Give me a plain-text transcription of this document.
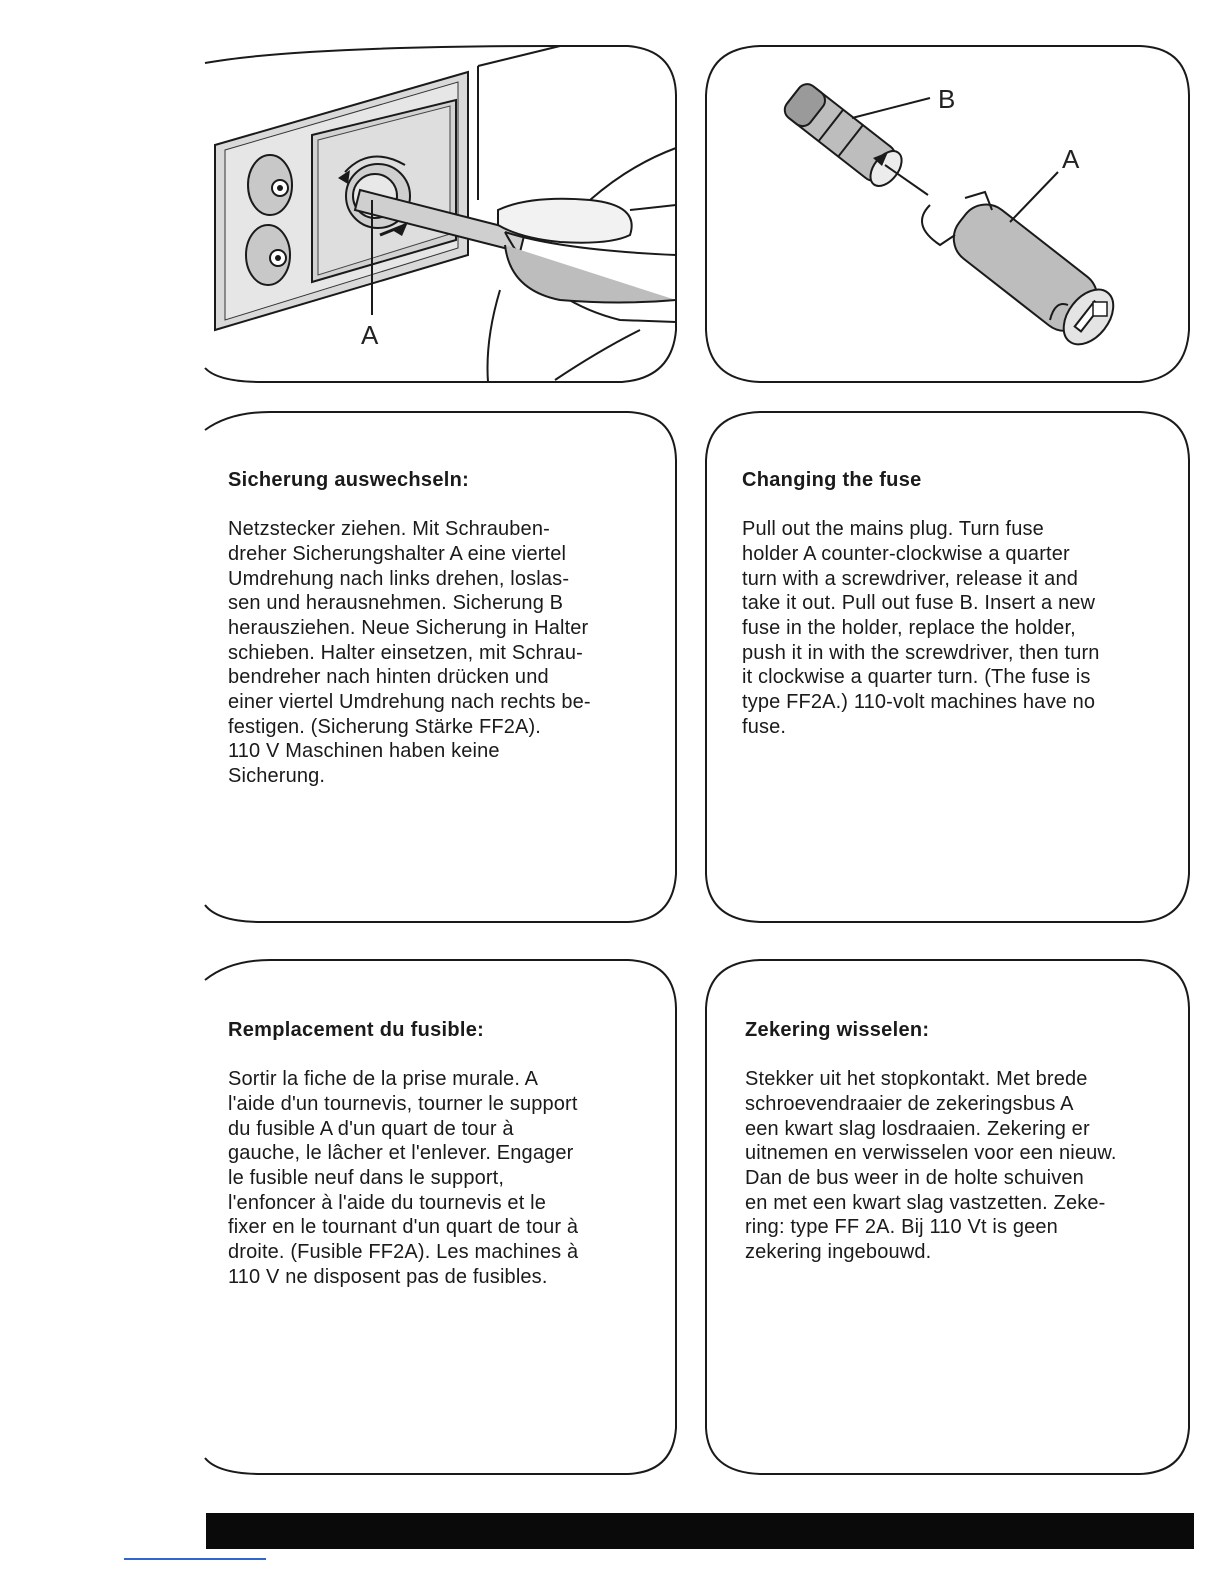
A
B
A

Sicherung auswechseln:

Netzstecker ziehen. Mit Schrauben-
dreher Sicherungshalter A eine viertel
Umdrehung nach links drehen, loslas-
sen und herausnehmen. Sicherung B
herausziehen. Neue Sicherung in Halter
schieben. Halter einsetzen, mit Schrau-
bendreher nach hinten drücken und
einer viertel Umdrehung nach rechts be-
festigen. (Sicherung Stärke FF2A).
110 V Maschinen haben keine
Sicherung.

Changing the fuse

Pull out the mains plug. Turn fuse
holder A counter-clockwise a quarter
turn with a screwdriver, release it and
take it out. Pull out fuse B. Insert a new
fuse in the holder, replace the holder,
push it in with the screwdriver, then turn
it clockwise a quarter turn. (The fuse is
type FF2A.) 110-volt machines have no
fuse.

Remplacement du fusible:

Sortir la fiche de la prise murale. A
l'aide d'un tournevis, tourner le support
du fusible A d'un quart de tour à
gauche, le lâcher et l'enlever. Engager
le fusible neuf dans le support,
l'enfoncer à l'aide du tournevis et le
fixer en le tournant d'un quart de tour à
droite. (Fusible FF2A). Les machines à
110 V ne disposent pas de fusibles.

Zekering wisselen:

Stekker uit het stopkontakt. Met brede
schroevendraaier de zekeringsbus A
een kwart slag losdraaien. Zekering er
uitnemen en verwisselen voor een nieuw.
Dan de bus weer in de holte schuiven
en met een kwart slag vastzetten. Zeke-
ring: type FF 2A. Bij 110 Vt is geen
zekering ingebouwd.
